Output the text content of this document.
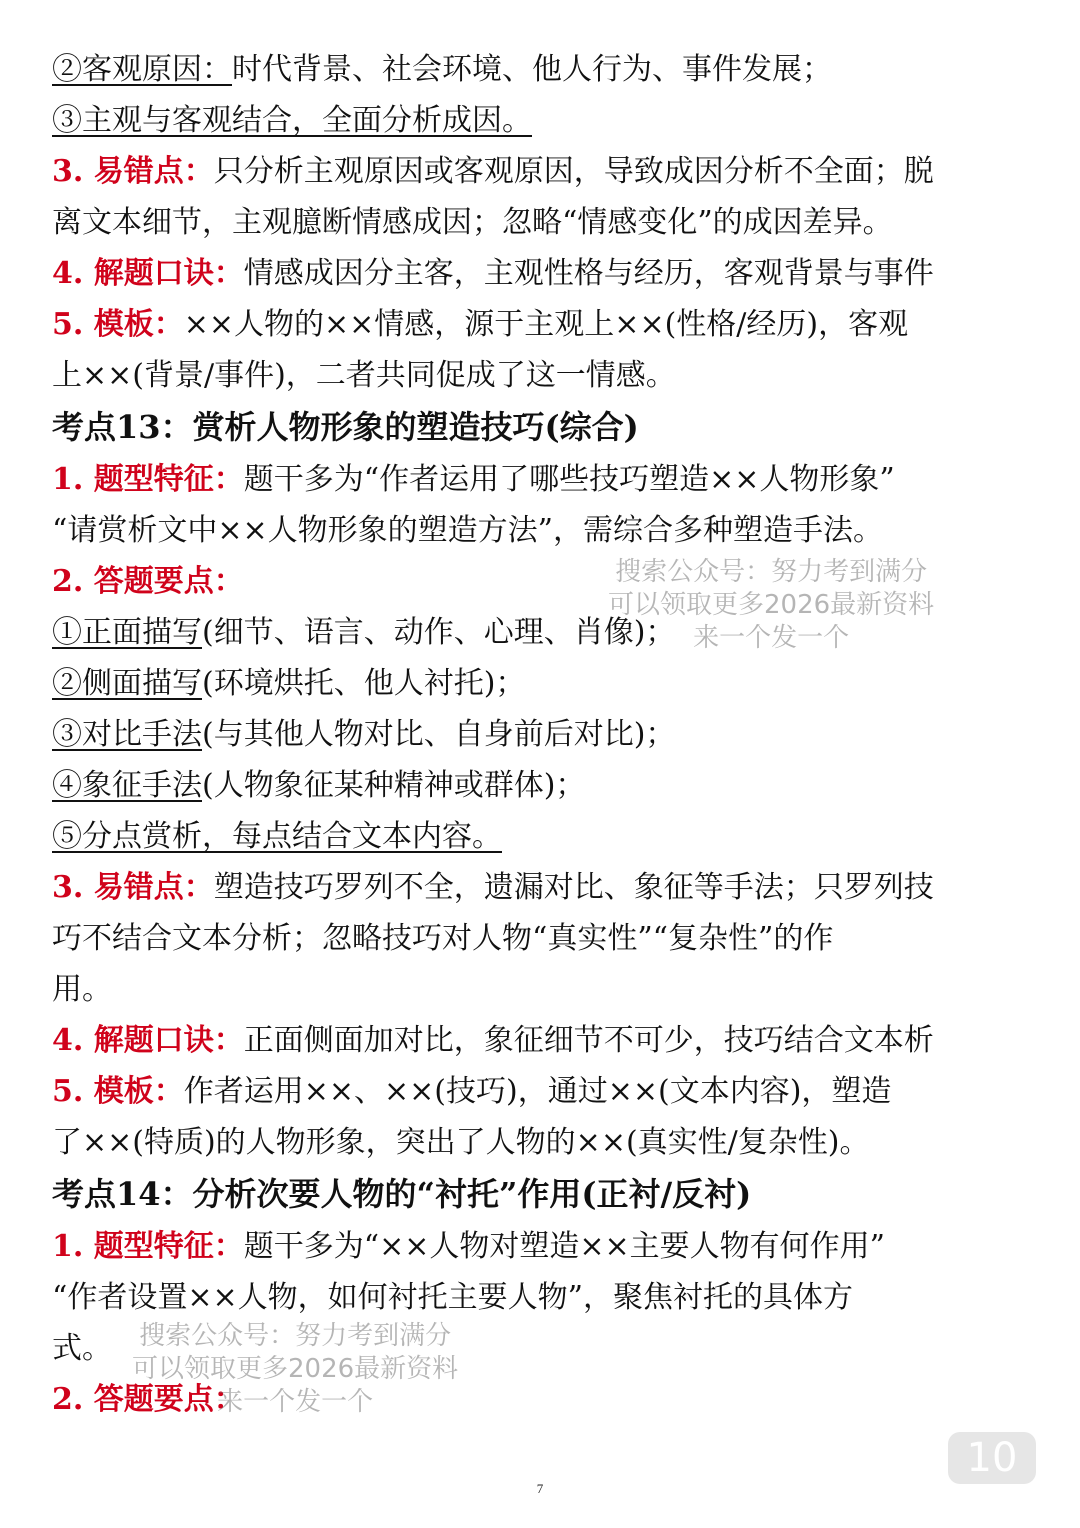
②客观原因：时代背景、社会环境、他人行为、事件发展；

③主观与客观结合，全面分析成因。

3. 易错点：只分析主观原因或客观原因，导致成因分析不全面；脱

离文本细节，主观臆断情感成因；忽略“情感变化”的成因差异。

4. 解题口诀：情感成因分主客，主观性格与经历，客观背景与事件

5. 模板：××人物的××情感，源于主观上××(性格/经历)，客观

上××(背景/事件)，二者共同促成了这一情感。

考点13：赏析人物形象的塑造技巧(综合)

1. 题型特征：题干多为“作者运用了哪些技巧塑造××人物形象”

“请赏析文中××人物形象的塑造方法”，需综合多种塑造手法。

2. 答题要点：

①正面描写(细节、语言、动作、心理、肖像)；

②侧面描写(环境烘托、他人衬托)；

③对比手法(与其他人物对比、自身前后对比)；

④象征手法(人物象征某种精神或群体)；

⑤分点赏析，每点结合文本内容。

3. 易错点：塑造技巧罗列不全，遗漏对比、象征等手法；只罗列技

巧不结合文本分析；忽略技巧对人物“真实性”“复杂性”的作

用。

4. 解题口诀：正面侧面加对比，象征细节不可少，技巧结合文本析

5. 模板：作者运用××、××(技巧)，通过××(文本内容)，塑造

了××(特质)的人物形象，突出了人物的××(真实性/复杂性)。

考点14：分析次要人物的“衬托”作用(正衬/反衬)

1. 题型特征：题干多为“××人物对塑造××主要人物有何作用”

“作者设置××人物，如何衬托主要人物”，聚焦衬托的具体方

式。

2. 答题要点：

搜索公众号：努力考到满分
可以领取更多2026最新资料
来一个发一个
搜索公众号：努力考到满分
可以领取更多2026最新资料
来一个发一个
10
7
